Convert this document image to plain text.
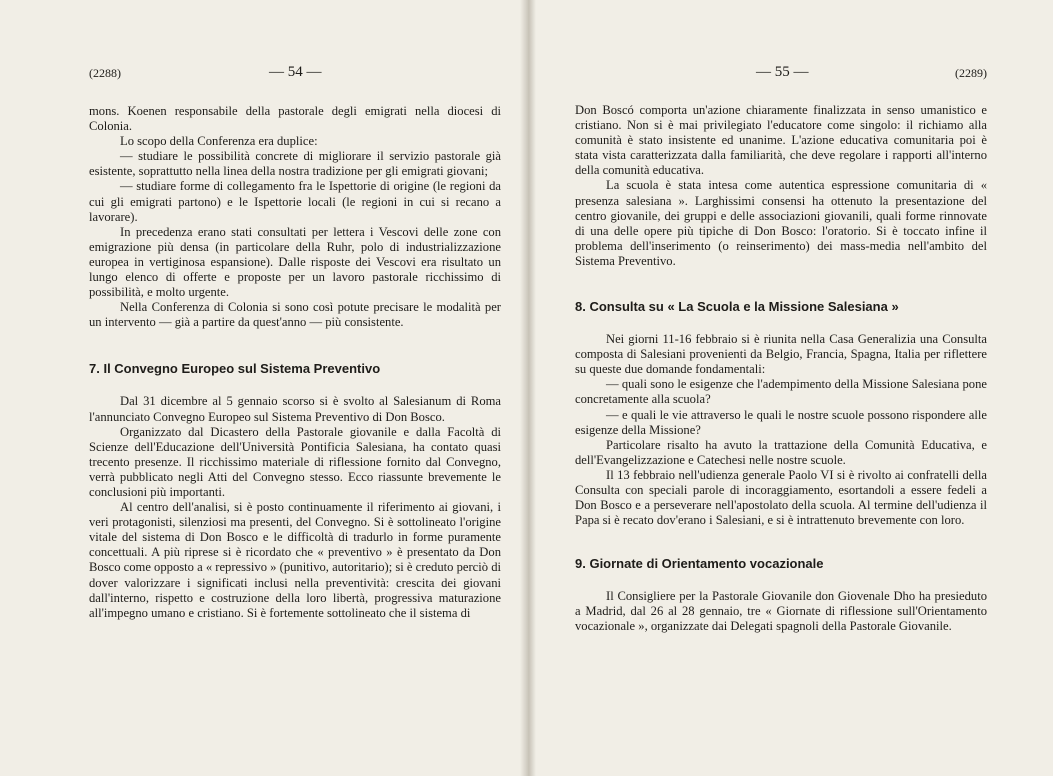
(2288)	— 54 —

mons. Koenen responsabile della pastorale degli emigrati nella diocesi di Colonia.

Lo scopo della Conferenza era duplice:

— studiare le possibilità concrete di migliorare il servizio pastorale già esistente, soprattutto nella linea della nostra tradizione per gli emigrati giovani;

— studiare forme di collegamento fra le Ispettorie di origine (le regioni da cui gli emigrati partono) e le Ispettorie locali (le regioni in cui si recano a lavorare).

In precedenza erano stati consultati per lettera i Vescovi delle zone con emigrazione più densa (in particolare della Ruhr, polo di industrializzazione europea in vertiginosa espansione). Dalle risposte dei Vescovi era risultato un lungo elenco di offerte e proposte per un lavoro pastorale ricchissimo di possibilità, e molto urgente.

Nella Conferenza di Colonia si sono così potute precisare le modalità per un intervento — già a partire da quest'anno — più consistente.

7. Il Convegno Europeo sul Sistema Preventivo

Dal 31 dicembre al 5 gennaio scorso si è svolto al Salesianum di Roma l'annunciato Convegno Europeo sul Sistema Preventivo di Don Bosco.

Organizzato dal Dicastero della Pastorale giovanile e dalla Facoltà di Scienze dell'Educazione dell'Università Pontificia Salesiana, ha contato quasi trecento presenze. Il ricchissimo materiale di riflessione fornito dal Convegno, verrà pubblicato negli Atti del Convegno stesso. Ecco riassunte brevemente le conclusioni più importanti.

Al centro dell'analisi, si è posto continuamente il riferimento ai giovani, i veri protagonisti, silenziosi ma presenti, del Convegno. Si è sottolineato l'origine vitale del sistema di Don Bosco e le difficoltà di tradurlo in forme puramente concettuali. A più riprese si è ricordato che « preventivo » è presentato da Don Bosco come opposto a « repressivo » (punitivo, autoritario); si è creduto perciò di dover valorizzare i significati inclusi nella preventività: crescita dei giovani dall'interno, rispetto e costruzione della loro libertà, progressiva maturazione all'impegno umano e cristiano. Si è fortemente sottolineato che il sistema di

— 55 —	(2289)

Don Boscó comporta un'azione chiaramente finalizzata in senso umanistico e cristiano. Non si è mai privilegiato l'educatore come singolo: il richiamo alla comunità è stato insistente ed unanime. L'azione educativa comunitaria poi è stata vista caratterizzata dalla familiarità, che deve regolare i rapporti all'interno della comunità educativa.

La scuola è stata intesa come autentica espressione comunitaria di « presenza salesiana ». Larghissimi consensi ha ottenuto la presentazione del centro giovanile, dei gruppi e delle associazioni giovanili, quali forme rinnovate di una delle opere più tipiche di Don Bosco: l'oratorio. Si è toccato infine il problema dell'inserimento (o reinserimento) dei mass-media nell'ambito del Sistema Preventivo.

8. Consulta su « La Scuola e la Missione Salesiana »

Nei giorni 11-16 febbraio si è riunita nella Casa Generalizia una Consulta composta di Salesiani provenienti da Belgio, Francia, Spagna, Italia per riflettere su queste due domande fondamentali:

— quali sono le esigenze che l'adempimento della Missione Salesiana pone concretamente alla scuola?

— e quali le vie attraverso le quali le nostre scuole possono rispondere alle esigenze della Missione?

Particolare risalto ha avuto la trattazione della Comunità Educativa, e dell'Evangelizzazione e Catechesi nelle nostre scuole.

Il 13 febbraio nell'udienza generale Paolo VI si è rivolto ai confratelli della Consulta con speciali parole di incoraggiamento, esortandoli a essere fedeli a Don Bosco e a perseverare nell'apostolato della scuola. Al termine dell'udienza il Papa si è recato dov'erano i Salesiani, e si è intrattenuto brevemente con loro.

9. Giornate di Orientamento vocazionale

Il Consigliere per la Pastorale Giovanile don Giovenale Dho ha presieduto a Madrid, dal 26 al 28 gennaio, tre « Giornate di riflessione sull'Orientamento vocazionale », organizzate dai Delegati spagnoli della Pastorale Giovanile.
